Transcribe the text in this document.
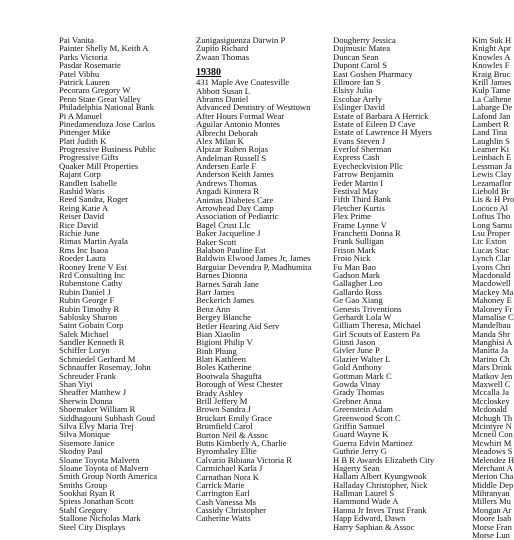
Pai Vanita
Painter Shelly M, Keith A
Parks Victoria
Pasdar Rosemarie
Patel Vibhu
Patrick Lauren
Pecoraro Gregory W
Penn State Great Valley
Philadelphia National Bank
Pi A Manuel
Pinedamendoza Jose Carlos
Pittenger Mike
Platt Judith K
Progressive Business Public
Progressive Gifts
Quaker Mill Properties
Rajant Corp
Randlett Isabelle
Rashid Waris
Reed Sandra, Roger
Reing Katie A
Reiser David
Rice David
Richie June
Rimas Martin Ayala
Rms Inc Isaoa
Roeder Laura
Rooney Irene V Est
Rrd Consulting Inc
Rubenstone Cathy
Rubin Daniel J
Rubin George F
Rubin Timothy R
Sablosky Sharon
Saint Gobain Corp
Salek Michael
Sandler Kenneth R
Schiffer Loryn
Schmiedel Gerhard M
Schnauffer Rosemay, John
Schreuder Frank
Shan Yiyi
Sheaffer Matthew J
Sherwin Donna
Shoemaker William R
Siddhagouni Subhash Goud
Silva Elvy Maria Trej
Silva Monique
Sisemore Janice
Skodny Paul
Sloane Toyota Malvern
Sloane Toyota of Malvern
Smith Group North America
Smiths Group
Sookhai Ryan R
Spiess Jonathan Scott
Stahl Gregory
Stallone Nicholas Mark
Steel City Displays
Zunigasiguenza Darwin P
Zupito Richard
Zwaan Thomas
19380
431 Maple Ave Coatesville
Abbott Susan L
Abrams Daniel
Advanced Dentistry of Westtown
After Hours Formal Wear
Aguilar Antonio Montes
Albrecht Deborah
Alex Milan K
Alpizar Ruben Rojas
Andelman Russell S
Andersen Earle F
Anderson Keith James
Andrews Thomas
Angadi Kinnera R
Animas Diabetes Care
Arrowhead Day Camp
Association of Pediatric
Bagel Crust Llc
Baker Jacqueline J
Baker Scott
Balabon Pauline Est
Baldwin Elwood James Jr, James
Barguiar Devendra P, Madhumita
Barnes Dionna
Barnes Sarah Jane
Barr James
Beckerich James
Benz Ann
Bergey Blanche
Betler Hearing Aid Serv
Bian Xiaolin
Bigioni Philip V
Binh Phung
Blatt Kathleen
Boles Katherine
Bootwala Shagufta
Borough of West Chester
Brady Ashley
Brill Jeffery M
Brown Sandra J
Bruckart Emily Grace
Brumfield Carol
Burton Neil & Assoc
Butts Kimberly A, Charlie
Byromhaley Ellie
Calvario Bibiana Victoria R
Carmichael Karla J
Carnathan Nora K
Carrick Marie
Carrington Earl
Cash Vanessa Ms
Cassidy Christopher
Catherine Watts
Dougherty Jessica
Dujmusic Matea
Duncan Sean
Dupont Carol S
East Goshen Pharmacy
Ellmore Ian S
Elsisy Julia
Escobar Arely
Eslinger David
Estate of Barbara A Herrick
Estate of Eileen D Cave
Estate of Lawrence H Myers
Evans Steven J
Everlof Sherman
Express Cash
Eyecheckvision Pllc
Farrow Benjamin
Feder Martin I
Festival May
Fifth Third Bank
Fletcher Kurtis
Flex Prime
Frame Lynne V
Franchetti Donna R
Frank Sulligan
Frison Mark
Froio Nick
Fu Man Bao
Gadson Mark
Gallagher Leo
Gallardo Ross
Ge Gao Xiang
Genesis Triventions
Gerhardt Lola W
Gilliam Theresa, Michael
Girl Scouts of Eastern Pa
Giusti Jason
Givler June P
Glazier Walter L
Gold Anthony
Gottman Mark C
Gowda Vinay
Grady Thomas
Grebner Anna
Greenstein Adam
Greenwood Scott C
Griffin Samuel
Guard Wayne K
Guerra Edvin Martinez
Guthrie Jerry G
H B R Awards Elizabeth City
Hagerty Sean
Hallam Albert Kyungwook
Halladay Christopher, Nick
Hallman Laurel S
Hammond Wade A
Hanna Jr Inves Trust Frank
Happ Edward, Dawn
Harry Saphian & Assoc
Kim Suk H
Knight Apr
Knowles A
Knowles F
Kraig Bruc
Krill James
Kulp Tame
La Calhene
Labarge De
Lafond Jan
Lambert R
Land Tina
Laughlin S
Leamer Ki
Leinbach E
Lessman Ja
Lewis Clay
Lezamaflor
Liebold Br
Lis & H Pro
Lococo Al
Loftus Tho
Long Samu
Lsu Proper
Ltc Exton
Lucas Stac
Lynch Clar
Lyons Chri
Macdonald
Macdowell
Mackey Ma
Mahoney E
Maloney Fr
Mamalise C
Mandelbau
Manda Shr
Manghisi A
Manitta Ja
Marino Ch
Mars Drink
Matkov Jen
Maxwell C
Mccalla Ja
Mccloskey
Mcdonald
Mchugh Th
Mcintyre N
Mcneil Con
Mcwhirt M
Meadows S
Melendez H
Merchant A
Merion Cha
Middle Dep
Mihranyan
Millers Mu
Mongan Ar
Moore Isab
Morse Fran
Morse Lun
